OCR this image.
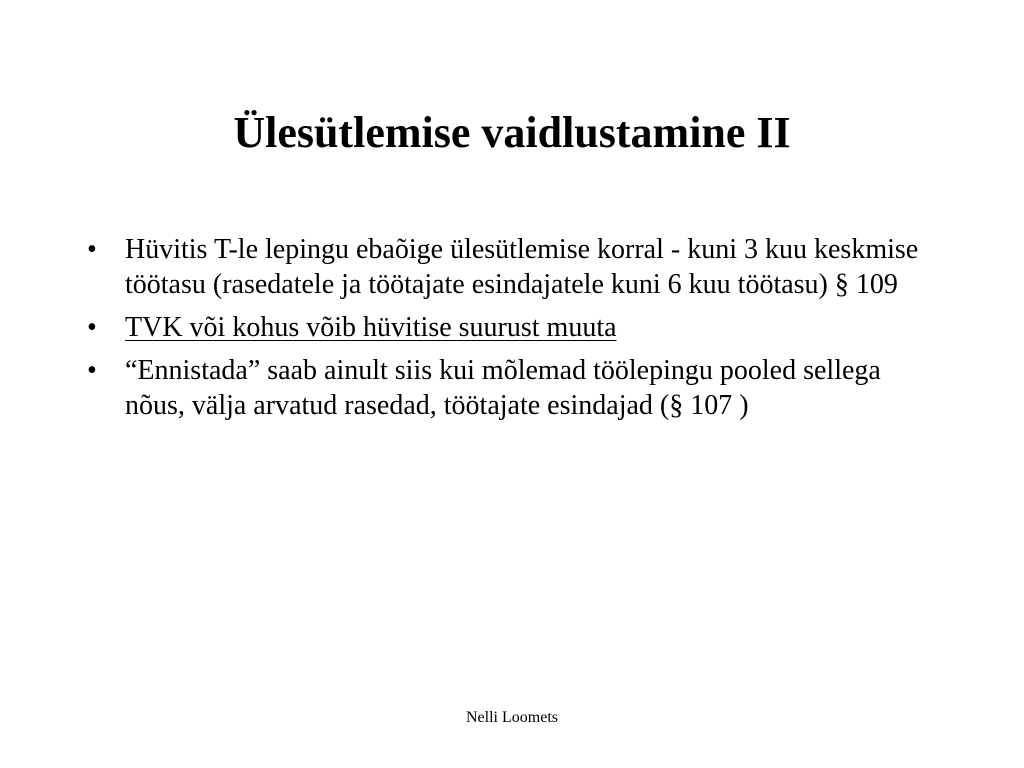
Ülesütlemise vaidlustamine II
•	Hüvitis T-le lepingu ebaõige ülesütlemise korral - kuni 3 kuu keskmise töötasu (rasedatele ja töötajate esindajatele kuni 6 kuu töötasu) § 109
•	TVK või kohus võib hüvitise suurust muuta
•	“Ennistada” saab ainult siis kui mõlemad töölepingu pooled sellega nõus, välja arvatud rasedad, töötajate esindajad (§ 107 )
Nelli Loomets
